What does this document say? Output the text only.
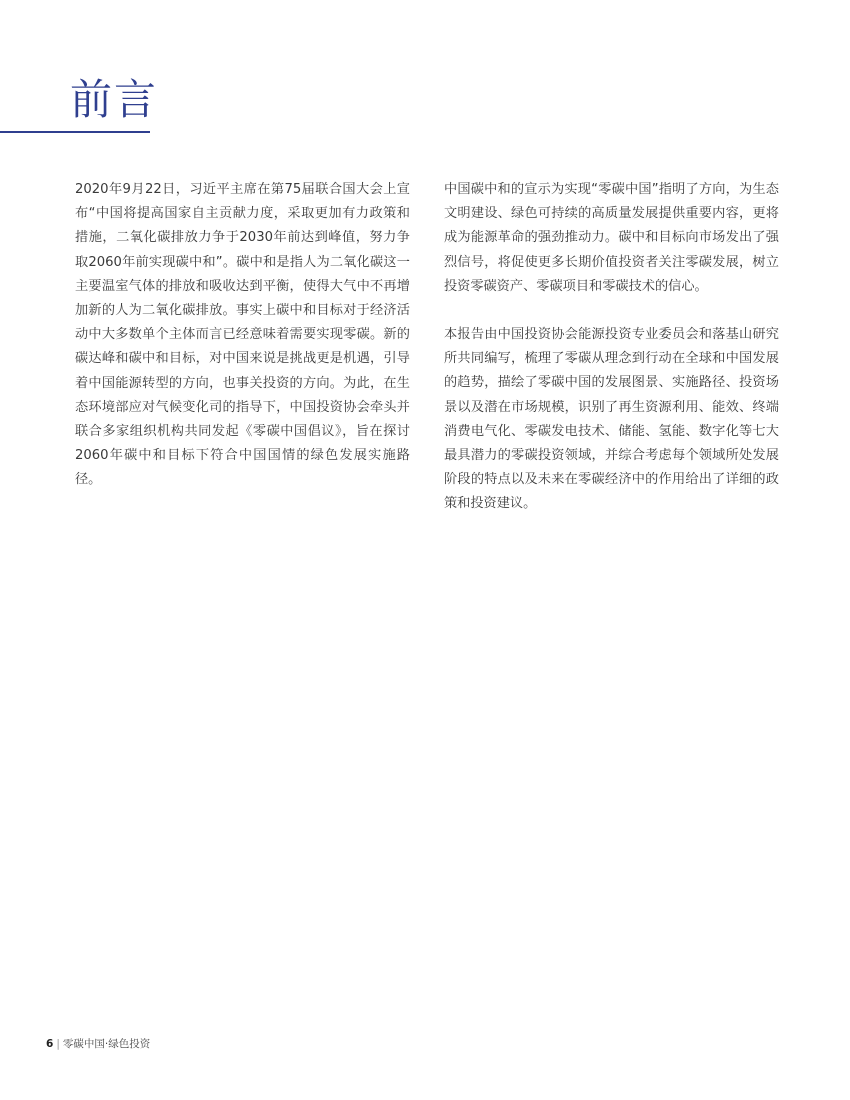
前言

2020年9月22日，习近平主席在第75届联合国大会上宣布“中国将提高国家自主贡献力度，采取更加有力政策和措施，二氧化碳排放力争于2030年前达到峰值，努力争取2060年前实现碳中和”。碳中和是指人为二氧化碳这一主要温室气体的排放和吸收达到平衡，使得大气中不再增加新的人为二氧化碳排放。事实上碳中和目标对于经济活动中大多数单个主体而言已经意味着需要实现零碳。新的碳达峰和碳中和目标，对中国来说是挑战更是机遇，引导着中国能源转型的方向，也事关投资的方向。为此，在生态环境部应对气候变化司的指导下，中国投资协会牵头并联合多家组织机构共同发起《零碳中国倡议》，旨在探讨2060年碳中和目标下符合中国国情的绿色发展实施路径。

中国碳中和的宣示为实现“零碳中国”指明了方向，为生态文明建设、绿色可持续的高质量发展提供重要内容，更将成为能源革命的强劲推动力。碳中和目标向市场发出了强烈信号，将促使更多长期价值投资者关注零碳发展，树立投资零碳资产、零碳项目和零碳技术的信心。

本报告由中国投资协会能源投资专业委员会和落基山研究所共同编写，梳理了零碳从理念到行动在全球和中国发展的趋势，描绘了零碳中国的发展图景、实施路径、投资场景以及潜在市场规模，识别了再生资源利用、能效、终端消费电气化、零碳发电技术、储能、氢能、数字化等七大最具潜力的零碳投资领域，并综合考虑每个领域所处发展阶段的特点以及未来在零碳经济中的作用给出了详细的政策和投资建议。

6 | 零碳中国·绿色投资
